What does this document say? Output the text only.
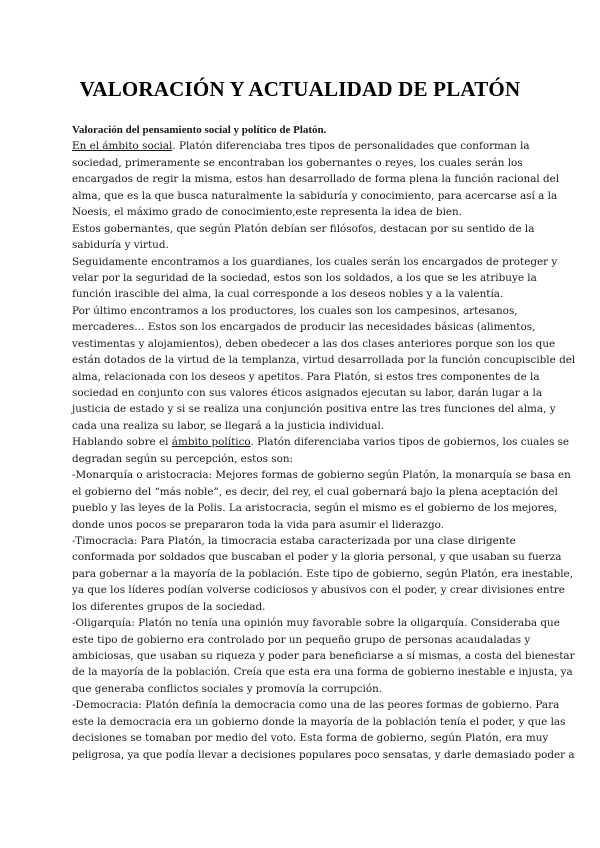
VALORACIÓN Y ACTUALIDAD DE PLATÓN
Valoración del pensamiento social y político de Platón.
En el ámbito social. Platón diferenciaba tres tipos de personalidades que conforman la
sociedad, primeramente se encontraban los gobernantes o reyes, los cuales serán los
encargados de regir la misma, estos han desarrollado de forma plena la función racional del
alma, que es la que busca naturalmente la sabiduría y conocimiento, para acercarse así a la
Noesis, el máximo grado de conocimiento,este representa la idea de bien.
Estos gobernantes, que según Platón debían ser filósofos, destacan por su sentido de la
sabiduría y virtud.
Seguidamente encontramos a los guardianes, los cuales serán los encargados de proteger y
velar por la seguridad de la sociedad, estos son los soldados, a los que se les atribuye la
función irascible del alma, la cual corresponde a los deseos nobles y a la valentía.
Por último encontramos a los productores, los cuales son los campesinos, artesanos,
mercaderes… Estos son los encargados de producir las necesidades básicas (alimentos,
vestimentas y alojamientos), deben obedecer a las dos clases anteriores porque son los que
están dotados de la virtud de la templanza, virtud desarrollada por la función concupiscible del
alma, relacionada con los deseos y apetitos. Para Platón, si estos tres componentes de la
sociedad en conjunto con sus valores éticos asignados ejecutan su labor, darán lugar a la
justicia de estado y si se realiza una conjunción positiva entre las tres funciones del alma, y
cada una realiza su labor, se llegará a la justicia individual.
Hablando sobre el ámbito político. Platón diferenciaba varios tipos de gobiernos, los cuales se
degradan según su percepción, estos son:
-Monarquía o aristocracia: Mejores formas de gobierno según Platón, la monarquía se basa en
el gobierno del “más noble”, es decir, del rey, el cual gobernará bajo la plena aceptación del
pueblo y las leyes de la Polis. La aristocracia, según el mismo es el gobierno de los mejores,
donde unos pocos se prepararon toda la vida para asumir el liderazgo.
-Timocracia: Para Platón, la timocracia estaba caracterizada por una clase dirigente
conformada por soldados que buscaban el poder y la gloria personal, y que usaban su fuerza
para gobernar a la mayoría de la población. Este tipo de gobierno, según Platón, era inestable,
ya que los líderes podían volverse codiciosos y abusivos con el poder, y crear divisiones entre
los diferentes grupos de la sociedad.
-Oligarquía: Platón no tenía una opinión muy favorable sobre la oligarquía. Consideraba que
este tipo de gobierno era controlado por un pequeño grupo de personas acaudaladas y
ambiciosas, que usaban su riqueza y poder para beneficiarse a sí mismas, a costa del bienestar
de la mayoría de la población. Creía que esta era una forma de gobierno inestable e injusta, ya
que generaba conflictos sociales y promovía la corrupción.
-Democracia: Platón definía la democracia como una de las peores formas de gobierno. Para
este la democracia era un gobierno donde la mayoría de la población tenía el poder, y que las
decisiones se tomaban por medio del voto. Esta forma de gobierno, según Platón, era muy
peligrosa, ya que podía llevar a decisiones populares poco sensatas, y darle demasiado poder a
